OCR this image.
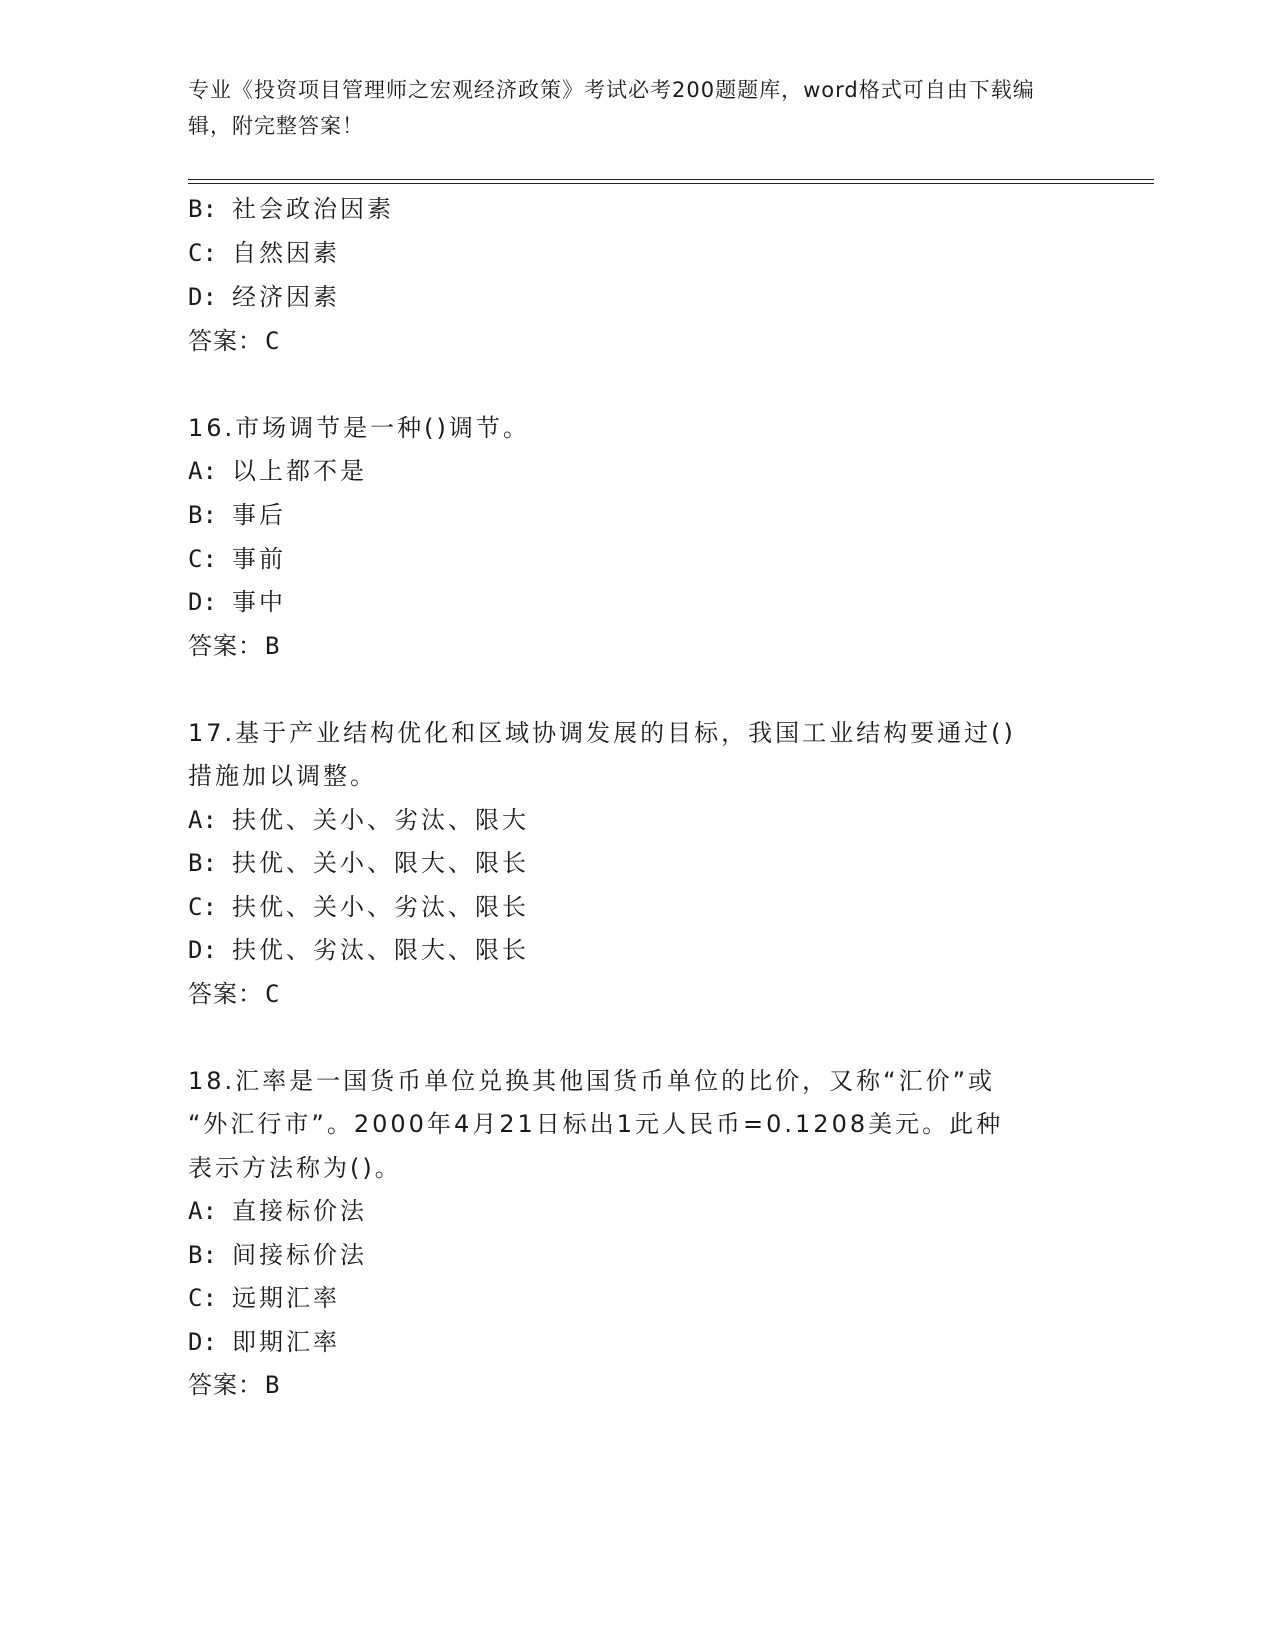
专业《投资项目管理师之宏观经济政策》考试必考200题题库，word格式可自由下载编辑，附完整答案！
B: 社会政治因素
C: 自然因素
D: 经济因素
答案：C
16.市场调节是一种()调节。
A: 以上都不是
B: 事后
C: 事前
D: 事中
答案：B
17.基于产业结构优化和区域协调发展的目标，我国工业结构要通过()
措施加以调整。
A: 扶优、关小、劣汰、限大
B: 扶优、关小、限大、限长
C: 扶优、关小、劣汰、限长
D: 扶优、劣汰、限大、限长
答案：C
18.汇率是一国货币单位兑换其他国货币单位的比价，又称“汇价”或
“外汇行市”。2000年4月21日标出1元人民币=0.1208美元。此种
表示方法称为()。
A: 直接标价法
B: 间接标价法
C: 远期汇率
D: 即期汇率
答案：B
